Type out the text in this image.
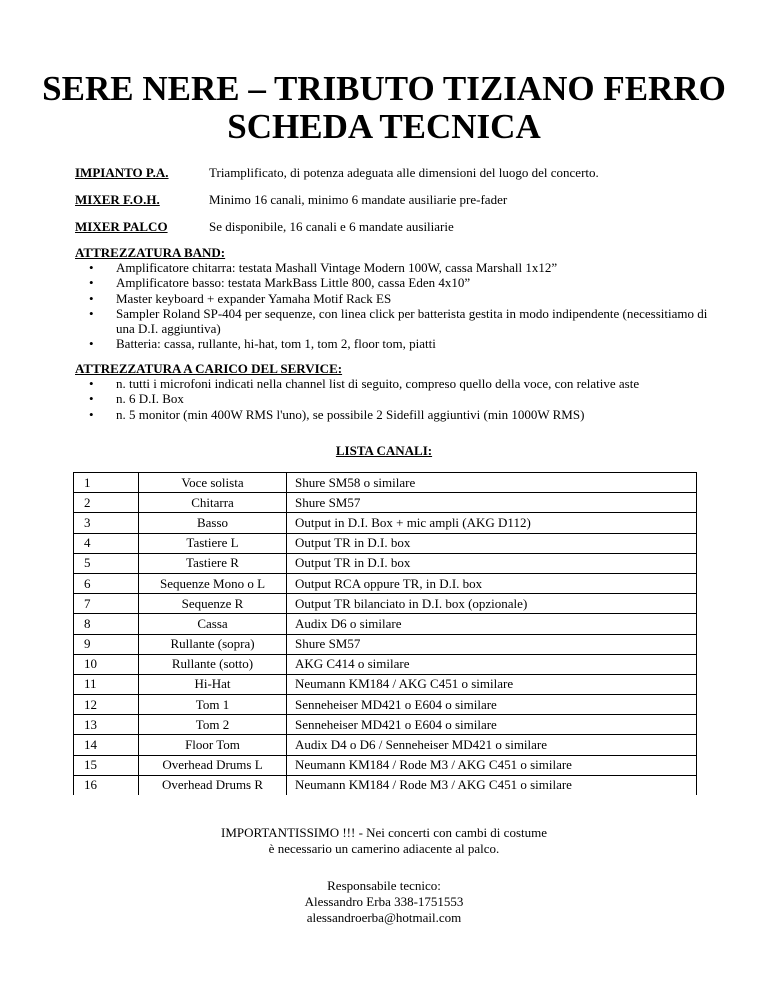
SERE NERE – TRIBUTO TIZIANO FERRO
SCHEDA TECNICA
IMPIANTO P.A.	Triamplificato, di potenza adeguata alle dimensioni del luogo del concerto.
MIXER F.O.H.	Minimo 16 canali, minimo 6 mandate ausiliarie pre-fader
MIXER PALCO	Se disponibile, 16 canali e 6 mandate ausiliarie
ATTREZZATURA BAND:
• Amplificatore chitarra: testata Mashall Vintage Modern 100W, cassa Marshall 1x12”
• Amplificatore basso: testata MarkBass Little 800, cassa Eden 4x10”
• Master keyboard + expander Yamaha Motif Rack ES
• Sampler Roland SP-404 per sequenze, con linea click per batterista gestita in modo indipendente (necessitiamo di una D.I. aggiuntiva)
• Batteria: cassa, rullante, hi-hat, tom 1, tom 2, floor tom, piatti
ATTREZZATURA A CARICO DEL SERVICE:
• n. tutti i microfoni indicati nella channel list di seguito, compreso quello della voce, con relative aste
• n. 6 D.I. Box
• n. 5 monitor (min 400W RMS l'uno), se possibile 2 Sidefill aggiuntivi (min 1000W RMS)
LISTA CANALI:
1	Voce solista	Shure SM58 o similare
2	Chitarra	Shure SM57
3	Basso	Output in D.I. Box + mic ampli (AKG D112)
4	Tastiere L	Output TR in D.I. box
5	Tastiere R	Output TR in D.I. box
6	Sequenze Mono o L	Output RCA oppure TR, in D.I. box
7	Sequenze R	Output TR bilanciato in D.I. box (opzionale)
8	Cassa	Audix D6 o similare
9	Rullante (sopra)	Shure SM57
10	Rullante (sotto)	AKG C414 o similare
11	Hi-Hat	Neumann KM184 / AKG C451 o similare
12	Tom 1	Senneheiser MD421 o E604 o similare
13	Tom 2	Senneheiser MD421 o E604 o similare
14	Floor Tom	Audix D4 o D6 / Senneheiser MD421 o similare
15	Overhead Drums L	Neumann KM184 / Rode M3 / AKG C451 o similare
16	Overhead Drums R	Neumann KM184 / Rode M3 / AKG C451 o similare
IMPORTANTISSIMO !!! - Nei concerti con cambi di costume
è necessario un camerino adiacente al palco.
Responsabile tecnico:
Alessandro Erba 338-1751553
alessandroerba@hotmail.com
